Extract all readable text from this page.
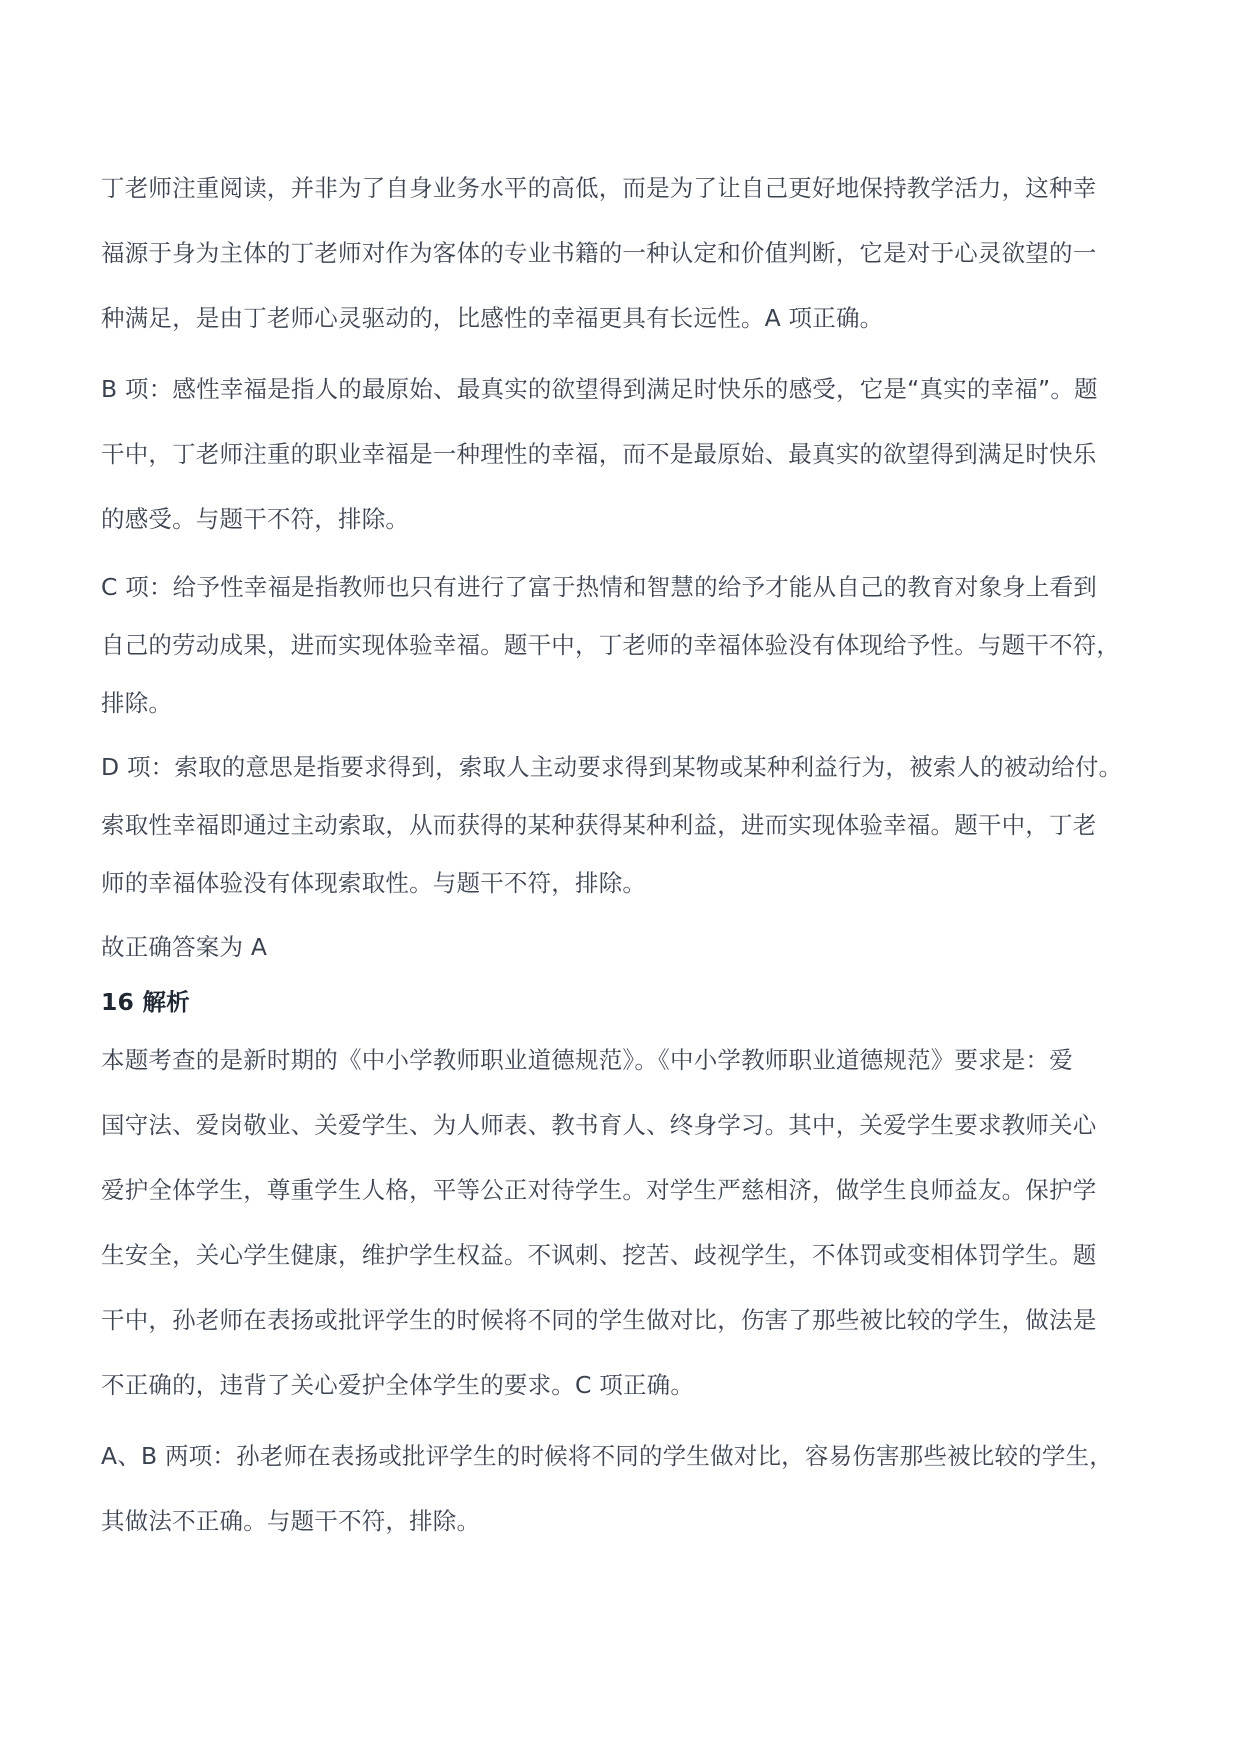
丁老师注重阅读，并非为了自身业务水平的高低，而是为了让自己更好地保持教学活力，这种幸
福源于身为主体的丁老师对作为客体的专业书籍的一种认定和价值判断，它是对于心灵欲望的一
种满足，是由丁老师心灵驱动的，比感性的幸福更具有长远性。A 项正确。

B 项：感性幸福是指人的最原始、最真实的欲望得到满足时快乐的感受，它是“真实的幸福”。题
干中，丁老师注重的职业幸福是一种理性的幸福，而不是最原始、最真实的欲望得到满足时快乐
的感受。与题干不符，排除。

C 项：给予性幸福是指教师也只有进行了富于热情和智慧的给予才能从自己的教育对象身上看到
自己的劳动成果，进而实现体验幸福。题干中，丁老师的幸福体验没有体现给予性。与题干不符，
排除。

D 项：索取的意思是指要求得到，索取人主动要求得到某物或某种利益行为，被索人的被动给付。
索取性幸福即通过主动索取，从而获得的某种获得某种利益，进而实现体验幸福。题干中，丁老
师的幸福体验没有体现索取性。与题干不符，排除。

故正确答案为 A

16 解析

本题考查的是新时期的《中小学教师职业道德规范》。《中小学教师职业道德规范》要求是：爱
国守法、爱岗敬业、关爱学生、为人师表、教书育人、终身学习。其中，关爱学生要求教师关心
爱护全体学生，尊重学生人格，平等公正对待学生。对学生严慈相济，做学生良师益友。保护学
生安全，关心学生健康，维护学生权益。不讽刺、挖苦、歧视学生，不体罚或变相体罚学生。题
干中，孙老师在表扬或批评学生的时候将不同的学生做对比，伤害了那些被比较的学生，做法是
不正确的，违背了关心爱护全体学生的要求。C 项正确。

A、B 两项：孙老师在表扬或批评学生的时候将不同的学生做对比，容易伤害那些被比较的学生，
其做法不正确。与题干不符，排除。
